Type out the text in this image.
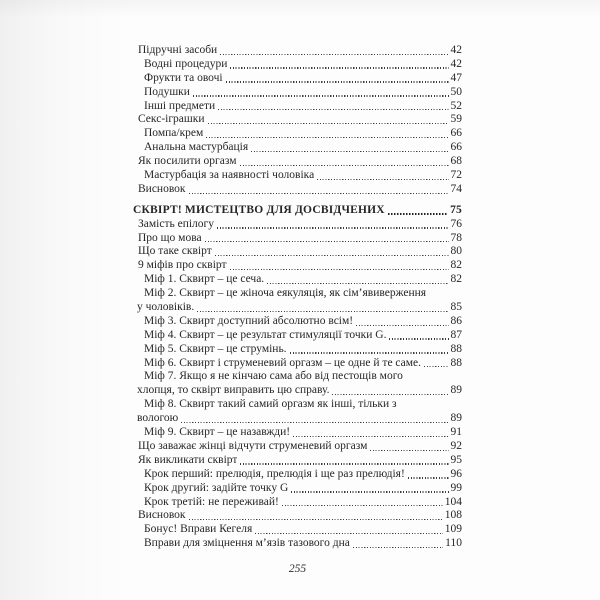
Підручні засоби	42
Водні процедури	42
Фрукти та овочі	47
Подушки	50
Інші предмети	52
Секс-іграшки	59
Помпа/крем	66
Анальна мастурбація	66
Як посилити оргазм	68
Мастурбація за наявності чоловіка	72
Висновок	74
СКВІРТ! МИСТЕЦТВО ДЛЯ ДОСВІДЧЕНИХ	75
Замість епілогу	76
Про що мова	78
Що таке сквірт	80
9 міфів про сквірт	82
Міф 1. Сквирт – це сеча.	82
Міф 2. Сквирт – це жіноча еякуляція, як сім’явиверження
у чоловіків.	85
Міф 3. Сквирт доступний абсолютно всім!	86
Міф 4. Сквирт – це результат стимуляції точки G.	87
Міф 5. Сквирт – це струмінь.	88
Міф 6. Сквирт і струменевий оргазм – це одне й те саме.	88
Міф 7. Якщо я не кінчаю сама або від пестощів мого
хлопця, то сквірт виправить цю справу.	89
Міф 8. Сквирт такий самий оргазм як інші, тільки з
вологою	89
Міф 9. Сквирт – це назавжди!	91
Що заважає жінці відчути струменевий оргазм	92
Як викликати сквірт	95
Крок перший: прелюдія, прелюдія і ще раз прелюдія!	96
Крок другий: задійте точку G	99
Крок третій: не переживай!	104
Висновок	108
Бонус! Вправи Кегеля	109
Вправи для зміцнення м’язів тазового дна	110
255
